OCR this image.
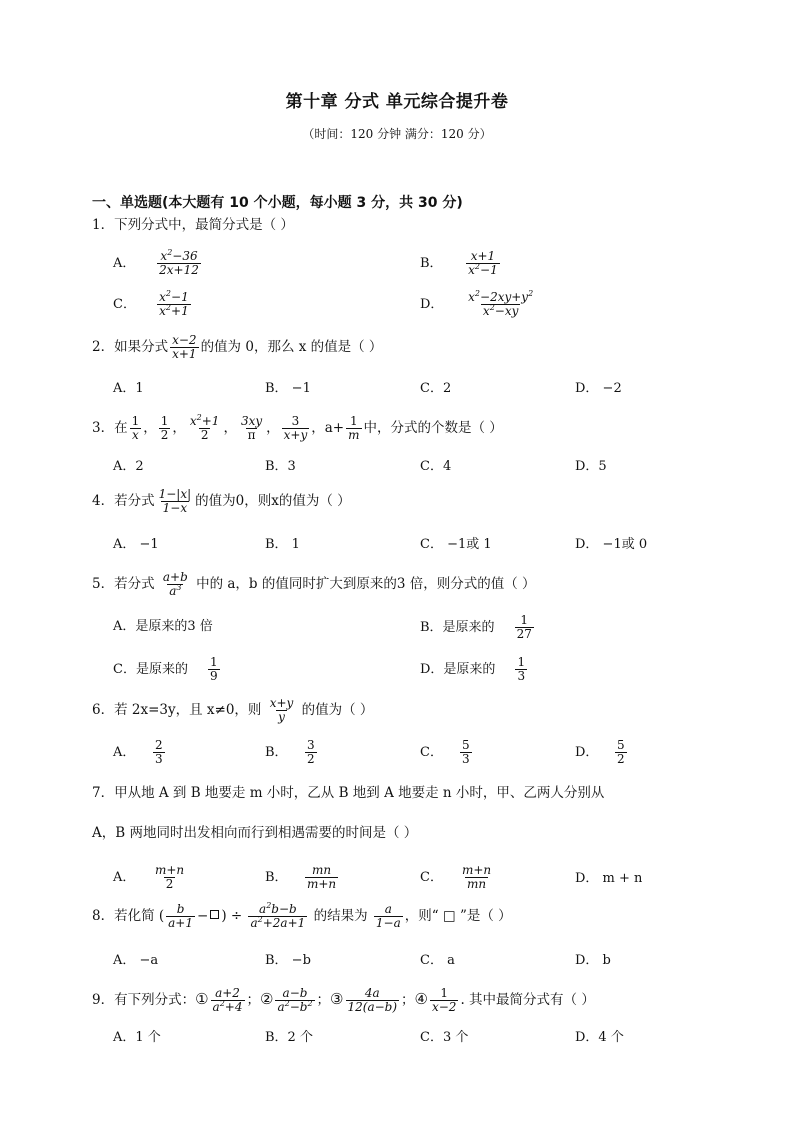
第十章 分式 单元综合提升卷
（时间：120 分钟 满分：120 分）
一、单选题(本大题有 10 个小题，每小题 3 分，共 30 分)
1．下列分式中，最简分式是（ ）
A． $\frac{x^2-36}{2x+12}$	B． $\frac{x+1}{x^2-1}$
C． $\frac{x^2-1}{x^2+1}$	D． $\frac{x^2-2xy+y^2}{x^2-xy}$
2．如果分式 $\frac{x-2}{x+1}$ 的值为 0，那么 x 的值是（ ）
A．1	B． −1	C．2	D． −2
3．在 $\frac{1}{x}$ ， $\frac{1}{2}$ ， $\frac{x^2+1}{2}$ ， $\frac{3xy}{\pi}$ ， $\frac{3}{x+y}$ ，$a+ \frac{1}{m}$ 中，分式的个数是（ ）
A．2	B．3	C．4	D．5
4．若分式 $\frac{1-|x|}{1-x}$ 的值为0，则x的值为（ ）
A． −1	B． 1	C． −1或 1	D． −1或 0
5．若分式 $\frac{a+b}{a^3}$ 中的 a，b 的值同时扩大到原来的3 倍，则分式的值（ ）
A．是原来的3 倍	B．是原来的 $\frac{1}{27}$
C．是原来的 $\frac{1}{9}$	D．是原来的 $\frac{1}{3}$
6．若 2x=3y，且 x≠0，则 $\frac{x+y}{y}$ 的值为（ ）
A． $\frac{2}{3}$	B． $\frac{3}{2}$	C． $\frac{5}{3}$	D． $\frac{5}{2}$
7．甲从地 A 到 B 地要走 m 小时，乙从 B 地到 A 地要走 n 小时，甲、乙两人分别从
A，B 两地同时出发相向而行到相遇需要的时间是（ ）
A． $\frac{m+n}{2}$	B． $\frac{mn}{m+n}$	C． $\frac{m+n}{mn}$	D． m + n
8．若化简 ( $\frac{b}{a+1}$ − ) ÷ $\frac{a^2b-b}{a^2+2a+1}$ 的结果为 $\frac{a}{1-a}$ ，则“ □ ”是（ ）
A． −a	B． −b	C． a	D． b
9．有下列分式：① $\frac{a+2}{a^2+4}$ ；② $\frac{a-b}{a^2-b^2}$ ；③ $\frac{4a}{12(a-b)}$ ；④ $\frac{1}{x-2}$ . 其中最简分式有（ ）
A．1 个	B．2 个	C．3 个	D．4 个
